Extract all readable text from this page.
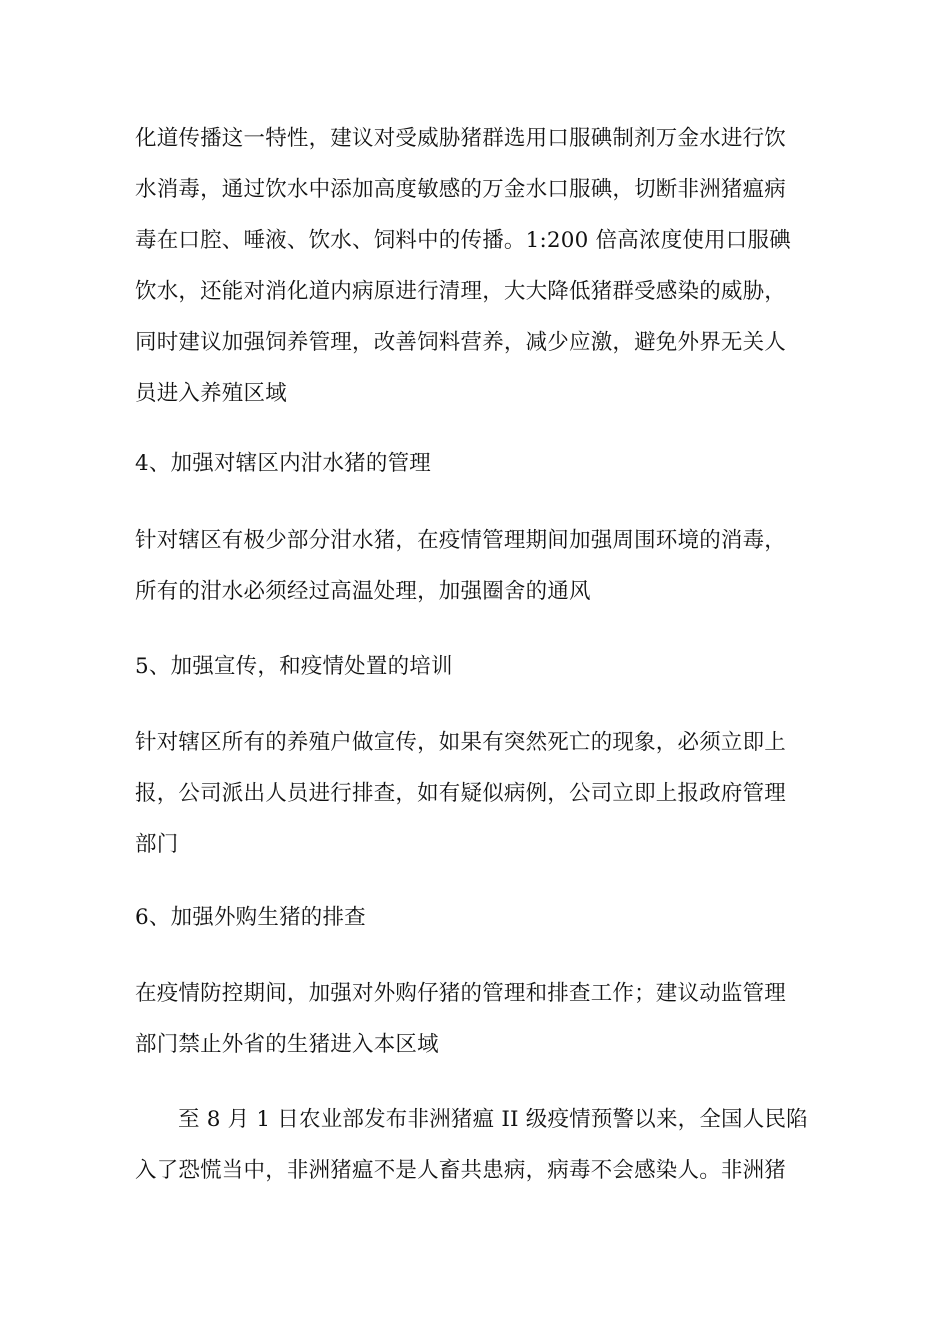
化道传播这一特性，建议对受威胁猪群选用口服碘制剂万金水进行饮
水消毒，通过饮水中添加高度敏感的万金水口服碘，切断非洲猪瘟病
毒在口腔、唾液、饮水、饲料中的传播。1:200 倍高浓度使用口服碘
饮水，还能对消化道内病原进行清理，大大降低猪群受感染的威胁，
同时建议加强饲养管理，改善饲料营养，减少应激，避免外界无关人
员进入养殖区域
4、加强对辖区内泔水猪的管理
针对辖区有极少部分泔水猪，在疫情管理期间加强周围环境的消毒，
所有的泔水必须经过高温处理，加强圈舍的通风
5、加强宣传，和疫情处置的培训
针对辖区所有的养殖户做宣传，如果有突然死亡的现象，必须立即上
报，公司派出人员进行排查，如有疑似病例，公司立即上报政府管理
部门
6、加强外购生猪的排查
在疫情防控期间，加强对外购仔猪的管理和排查工作；建议动监管理
部门禁止外省的生猪进入本区域
至 8 月 1 日农业部发布非洲猪瘟 II 级疫情预警以来，全国人民陷
入了恐慌当中，非洲猪瘟不是人畜共患病，病毒不会感染人。非洲猪
